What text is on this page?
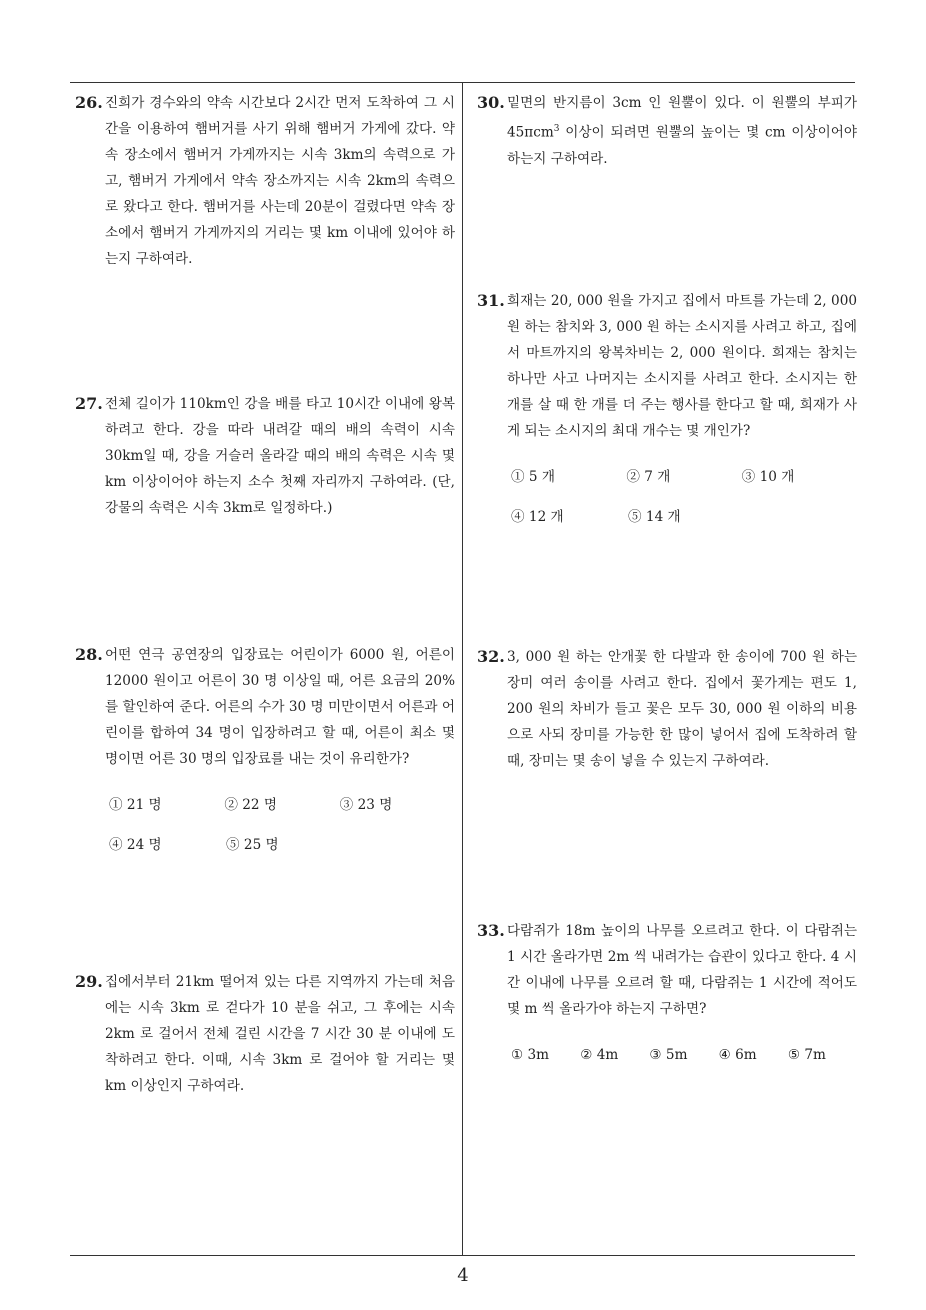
26. 진희가 경수와의 약속 시간보다 2시간 먼저 도착하여 그 시간을 이용하여 햄버거를 사기 위해 햄버거 가게에 갔다. 약속 장소에서 햄버거 가게까지는 시속 3km의 속력으로 가고, 햄버거 가게에서 약속 장소까지는 시속 2km의 속력으로 왔다고 한다. 햄버거를 사는데 20분이 걸렸다면 약속 장소에서 햄버거 가게까지의 거리는 몇 km 이내에 있어야 하는지 구하여라.
27. 전체 길이가 110km인 강을 배를 타고 10시간 이내에 왕복하려고 한다. 강을 따라 내려갈 때의 배의 속력이 시속 30km일 때, 강을 거슬러 올라갈 때의 배의 속력은 시속 몇 km 이상이어야 하는지 소수 첫째 자리까지 구하여라. (단, 강물의 속력은 시속 3km로 일정하다.)
28. 어떤 연극 공연장의 입장료는 어린이가 6000 원, 어른이 12000 원이고 어른이 30 명 이상일 때, 어른 요금의 20% 를 할인하여 준다. 어른의 수가 30 명 미만이면서 어른과 어린이를 합하여 34 명이 입장하려고 할 때, 어른이 최소 몇 명이면 어른 30 명의 입장료를 내는 것이 유리한가?
① 21 명	② 22 명	③ 23 명
④ 24 명	⑤ 25 명
29. 집에서부터 21km 떨어져 있는 다른 지역까지 가는데 처음에는 시속 3km 로 걷다가 10 분을 쉬고, 그 후에는 시속 2km 로 걸어서 전체 걸린 시간을 7 시간 30 분 이내에 도착하려고 한다. 이때, 시속 3km 로 걸어야 할 거리는 몇 km 이상인지 구하여라.
30. 밑면의 반지름이 3cm 인 원뿔이 있다. 이 원뿔의 부피가 45πcm$^3$ 이상이 되려면 원뿔의 높이는 몇 cm 이상이어야 하는지 구하여라.
31. 희재는 20, 000 원을 가지고 집에서 마트를 가는데 2, 000 원 하는 참치와 3, 000 원 하는 소시지를 사려고 하고, 집에서 마트까지의 왕복차비는 2, 000 원이다. 희재는 참치는 하나만 사고 나머지는 소시지를 사려고 한다. 소시지는 한 개를 살 때 한 개를 더 주는 행사를 한다고 할 때, 희재가 사게 되는 소시지의 최대 개수는 몇 개인가?
① 5 개	② 7 개	③ 10 개
④ 12 개	⑤ 14 개
32. 3, 000 원 하는 안개꽃 한 다발과 한 송이에 700 원 하는 장미 여러 송이를 사려고 한다. 집에서 꽃가게는 편도 1, 200 원의 차비가 들고 꽃은 모두 30, 000 원 이하의 비용으로 사되 장미를 가능한 한 많이 넣어서 집에 도착하려 할 때, 장미는 몇 송이 넣을 수 있는지 구하여라.
33. 다람쥐가 18m 높이의 나무를 오르려고 한다. 이 다람쥐는 1 시간 올라가면 2m 씩 내려가는 습관이 있다고 한다. 4 시간 이내에 나무를 오르려 할 때, 다람쥐는 1 시간에 적어도 몇 m 씩 올라가야 하는지 구하면?
① 3m	② 4m	③ 5m	④ 6m	⑤ 7m
4
